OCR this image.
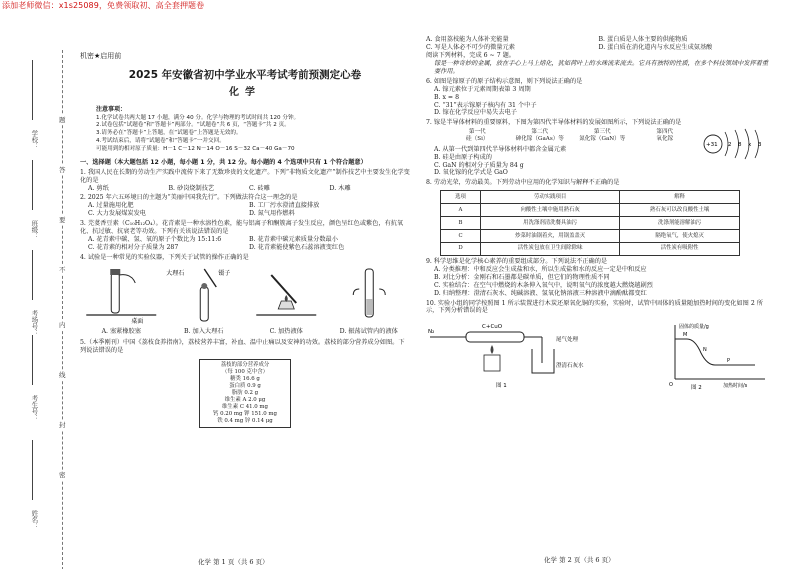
添加老师微信：x1s25089，免费领取初、高全套押题卷
学校：
班级：
考场号：
考生号：
姓名：
题
答
要
不
内
线
封
密
机密★启用前
2025 年安徽省初中学业水平考试考前预测定心卷
化学
注意事项：
1.化学试卷共两大题 17 小题，满分 40 分。化学与物理的考试时间共 120 分钟。
2.试卷包括“试题卷”和“答题卡”两部分。“试题卷”共 6 页，“答题卡”共 2 页。
3.请务必在“答题卡”上答题，在“试题卷”上答题是无效的。
4.考试结束后，请将“试题卷”和“答题卡”一并交回。
可能用到的相对原子质量：H－1 C－12 N－14 O－16 S－32 Ca－40 Ga－70
一、选择题（本大题包括 12 小题，每小题 1 分，共 12 分。每小题的 4 个选项中只有 1 个符合题意）
1. 我国人民在长期的劳动生产实践中流传下来了无数珍贵的文化遗产。下列“非物质文化遗产”制作技艺中主要发生化学变化的是
A. 剪纸	B. 砂岗烧制技艺	C. 砖雕	D. 木雕
2. 2025 年六五环境日的主题为“美丽中国我先行”。下列做法符合这一理念的是
A. 过量施用化肥	B. 工厂污水澄清直接排放
C. 大力发展煤炭发电	D. 氮气用作燃料
3. 芫荽香豆素（C₁₀H₁₂O₄）。花青素是一种水溶性色素，能与铝离子和酮簇离子发生反应，颜色呈红色或紫色，有抗氧化、抗过敏、抗衰老等功效。下列有关该说法错误的是
A. 花青素中碳、氢、氧的原子个数比为 15:11:6	B. 花青素中碳元素质量分数最小
C. 花青素的相对分子质量为 287	D. 花青素能使紫色石蕊溶液变红色
4. 试验是一种常见的实验仪器，下列关于试管的操作正确的是
桌面
A. 塞紧橡胶塞
大理石	镊子
B. 加入大理石	C. 加热液体	D. 振荡试管内的液体
5.（本季刚刊）中国《荔枝食养指南》，荔枝营养丰富，补血、温中止痛以及安神的功效。荔枝的部分营养成分如图。下列说法错误的是
荔枝的部分营养成分
（每 100 克中含）
糖类 16.6 g
蛋白质 0.9 g
脂肪 0.2 g
维生素 A 2.0 μg
维生素 C 41.0 mg
钙 0.20 mg 钾 151.0 mg
铁 0.4 mg 锌 0.14 μg
化学 第 1 页（共 6 页）
A. 食用荔枝能为人体补充能量	B. 蛋白质是人体主要的供能物质
C. 写是人体必不可少的微量元素	D. 蛋白质在消化道内与水反应生成氨基酸
阅读下列材料，完成 6 ~ 7 题。
镓是一种奇妙的金属，放在手心上马上熔化，犹如荷叶上的水珠流来流去。它具有独特的性质，在多个科技领域中发挥着重要作用。
6. 如图是镓原子的原子结构示意图，则下列说法正确的是
A. 镓元素位于元素周期表第 3 周期
B. x = 8
C. “31”表示镓原子核内有 31 个中子
D. 镓在化学反应中易失去电子
+31 2 8 x 3
7. 镓是半导体材料的重要原料，下图为第四代半导体材料的发展如图所示，下列说法正确的是
第一代	第二代	第三代	第四代
硅（Si）	砷化镓（GaAs）等	氮化镓（GaN）等	氧化镓
A. 从第一代到第四代半导体材料中都含金属元素
B. 硅是由原子构成的
C. GaN 的相对分子质量为 84 g
D. 氧化镓的化学式是 GaO
8. 劳动光荣，劳动最美。下列劳动中应用的化学知识与解释不正确的是
选项	劳动实践项目	解释
A	向酸性土壤中施用熟石灰	熟石灰可以改良酸性土壤
B	用洗涤剂清洗餐具油污	洗涤剂能溶解油污
C	炒菜时油锅着火，用锅盖盖灭	隔绝氧气，使火熄灭
D	活性炭包放在卫生间除除味	活性炭有吸附性
9. 科学思维是化学核心素养的重要组成部分。下列说法不正确的是
A. 分类推理：中和反应会生成盐和水，所以生成盐和水的反应一定是中和反应
B. 对比分析：金刚石和石墨都是碳单质，但它们的物理性质不同
C. 实验结合：在空气中燃烧的木条伸入氧气中，说明氧气的浓度越大燃烧越剧烈
D. 归纳整理：澄清石灰水、纯碱溶液、氢氧化钠溶液三种溶液中滴酚酞都变红
10. 实验小组的同学按照图 1 所示装置进行木炭还原氧化铜的实验，实验时，试管中固体的质量随加热时间的变化如图 2 所示，下列分析错误的是
N₂
C+CuO
澄清石灰水
尾气处理
图 1
固体的质量/g
加热时间/s
M
N
P
O	图 2
化学 第 2 页（共 6 页）
